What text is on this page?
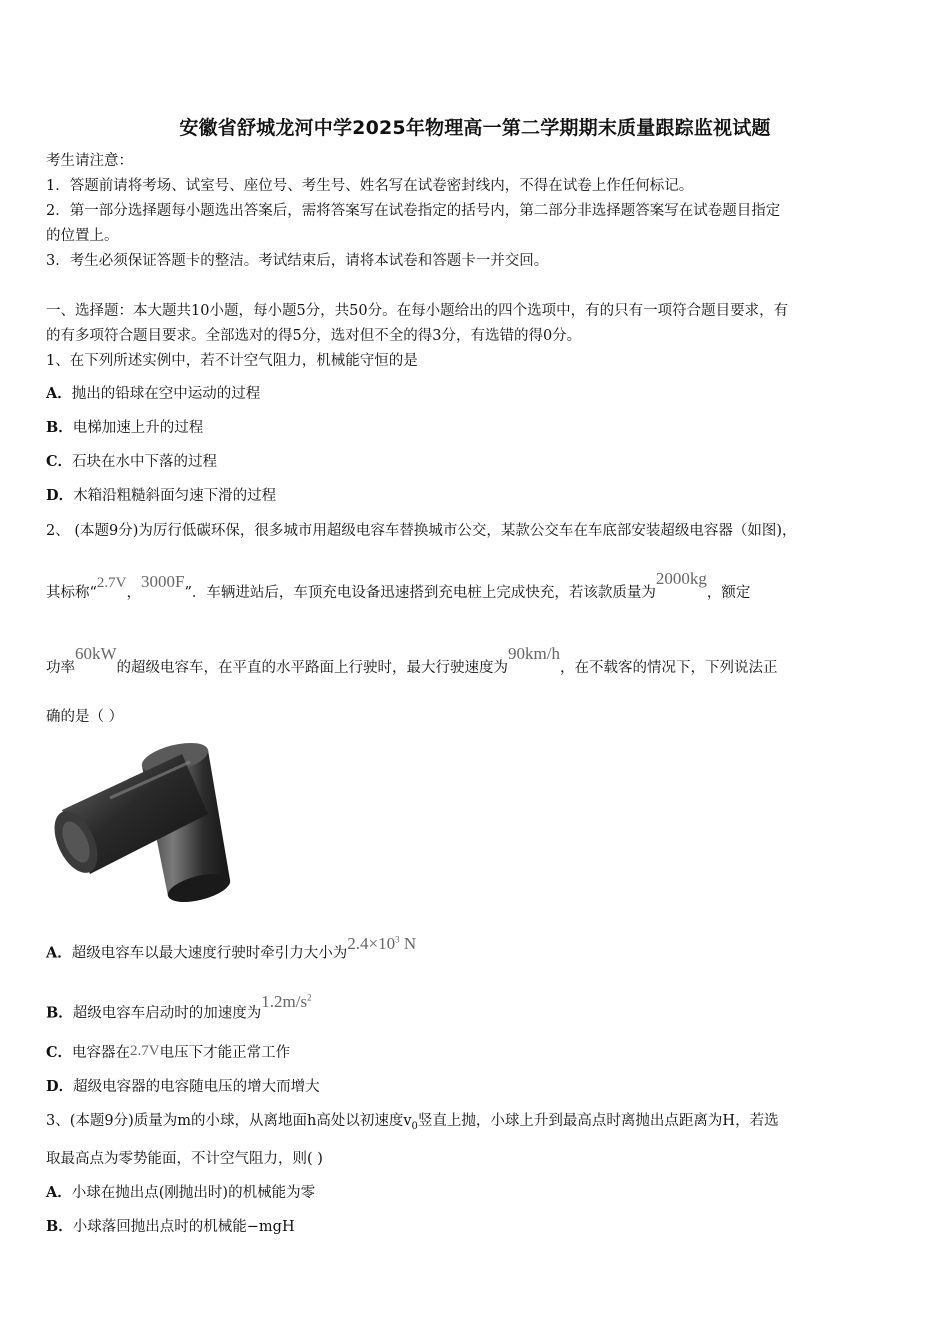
安徽省舒城龙河中学2025年物理高一第二学期期末质量跟踪监视试题
考生请注意：
1．答题前请将考场、试室号、座位号、考生号、姓名写在试卷密封线内，不得在试卷上作任何标记。
2．第一部分选择题每小题选出答案后，需将答案写在试卷指定的括号内，第二部分非选择题答案写在试卷题目指定
的位置上。
3．考生必须保证答题卡的整洁。考试结束后，请将本试卷和答题卡一并交回。
一、选择题：本大题共10小题，每小题5分，共50分。在每小题给出的四个选项中，有的只有一项符合题目要求，有
的有多项符合题目要求。全部选对的得5分，选对但不全的得3分，有选错的得0分。
1、在下列所述实例中，若不计空气阻力，机械能守恒的是
A．抛出的铅球在空中运动的过程
B．电梯加速上升的过程
C．石块在水中下落的过程
D．木箱沿粗糙斜面匀速下滑的过程
2、 (本题9分)为厉行低碳环保，很多城市用超级电容车替换城市公交，某款公交车在车底部安装超级电容器（如图)，
其标称“2.7V，3000F”．车辆进站后，车顶充电设备迅速搭到充电桩上完成快充，若该款质量为2000kg，额定
功率60kW的超级电容车，在平直的水平路面上行驶时，最大行驶速度为90km/h，在不载客的情况下，下列说法正
确的是（ ）
A．超级电容车以最大速度行驶时牵引力大小为$2.4\times 10^3$ N
B．超级电容车启动时的加速度为$1.2m/s^2$
C．电容器在2.7V电压下才能正常工作
D．超级电容器的电容随电压的增大而增大
3、(本题9分)质量为m的小球，从离地面h高处以初速度$v_0$竖直上抛，小球上升到最高点时离抛出点距离为H，若选
取最高点为零势能面，不计空气阻力，则( )
A．小球在抛出点(刚抛出时)的机械能为零
B．小球落回抛出点时的机械能−mgH
